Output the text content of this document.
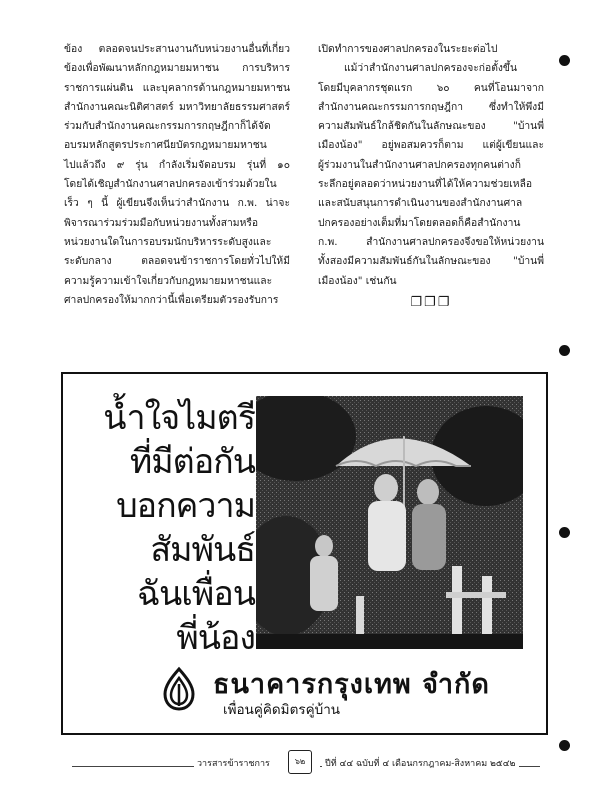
ข้อง ตลอดจนประสานงานกับหน่วยงานอื่นที่เกี่ยว

ข้องเพื่อพัฒนาหลักกฎหมายมหาชน การบริหาร

ราชการแผ่นดิน และบุคลากรด้านกฎหมายมหาชน

สำนักงานคณะนิติศาสตร์ มหาวิทยาลัยธรรมศาสตร์

ร่วมกับสำนักงานคณะกรรมการกฤษฎีกาก็ได้จัด

อบรมหลักสูตรประกาศนียบัตรกฎหมายมหาชน

ไปแล้วถึง ๙ รุ่น กำลังเริ่มจัดอบรม รุ่นที่ ๑๐

โดยได้เชิญสำนักงานศาลปกครองเข้าร่วมด้วยใน

เร็ว ๆ นี้ ผู้เขียนจึงเห็นว่าสำนักงาน ก.พ. น่าจะ

พิจารณาร่วมร่วมมือกับหน่วยงานทั้งสามหรือ

หน่วยงานใดในการอบรมนักบริหารระดับสูงและ

ระดับกลาง ตลอดจนข้าราชการโดยทั่วไปให้มี

ความรู้ความเข้าใจเกี่ยวกับกฎหมายมหาชนและ

ศาลปกครองให้มากกว่านี้เพื่อเตรียมตัวรองรับการ

เปิดทำการของศาลปกครองในระยะต่อไป

แม้ว่าสำนักงานศาลปกครองจะก่อตั้งขึ้น

โดยมีบุคลากรชุดแรก ๖๐ คนที่โอนมาจาก

สำนักงานคณะกรรมการกฤษฎีกา ซึ่งทำให้พึงมี

ความสัมพันธ์ใกล้ชิดกันในลักษณะของ "บ้านพี่

เมืองน้อง" อยู่พอสมควรก็ตาม แต่ผู้เขียนและ

ผู้ร่วมงานในสำนักงานศาลปกครองทุกคนต่างก็

ระลึกอยู่ตลอดว่าหน่วยงานที่ได้ให้ความช่วยเหลือ

และสนับสนุนการดำเนินงานของสำนักงานศาล

ปกครองอย่างเต็มที่มาโดยตลอดก็คือสำนักงาน

ก.พ. สำนักงานศาลปกครองจึงขอให้หน่วยงาน

ทั้งสองมีความสัมพันธ์กันในลักษณะของ "บ้านพี่

เมืองน้อง" เช่นกัน

❐❐❐

น้ำใจไมตรี
ที่มีต่อกัน
บอกความ
สัมพันธ์
ฉันเพื่อน
พี่น้อง
ธนาคารกรุงเทพ จำกัด
เพื่อนคู่คิดมิตรคู่บ้าน
วารสารข้าราชการ	๖๒	ปีที่ ๔๔ ฉบับที่ ๔ เดือนกรกฎาคม-สิงหาคม ๒๕๔๒
